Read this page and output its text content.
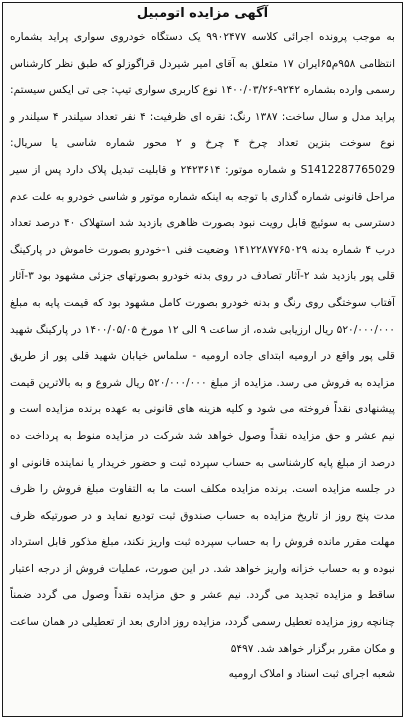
آگهی مزایده اتومبیل

به موجب پرونده اجرائی کلاسه ۹۹۰۲۴۷۷ یک دستگاه خودروی سواری پراید بشماره انتظامی ۹۵۸م۶۵ایران ۱۷ متعلق به آقای امیر شیردل قراگوزلو که طبق نظر کارشناس رسمی وارده بشماره ۹۲۴۲-۱۴۰۰/۰۳/۲۶ نوع کاربری سواری تیپ: جی تی ایکس سیستم: پراید مدل و سال ساخت: ۱۳۸۷ رنگ: نقره ای ظرفیت: ۴ نفر تعداد سیلندر ۴ سیلندر و نوع سوخت بنزین تعداد چرخ ۴ چرخ و ۲ محور شماره شاسی یا سریال: S1412287765029 و شماره موتور: ۲۴۲۳۶۱۴ و قابلیت تبدیل پلاک دارد پس از سیر مراحل قانونی شماره گذاری با توجه به اینکه شماره موتور و شاسی خودرو به علت عدم دسترسی به سوئیچ قابل رویت نبود بصورت ظاهری بازدید شد استهلاک ۴۰ درصد تعداد درب ۴ شماره بدنه ۱۴۱۲۲۸۷۷۶۵۰۲۹ وضعیت فنی ۱-خودرو بصورت خاموش در پارکینگ قلی پور بازدید شد ۲-آثار تصادف در روی بدنه خودرو بصورتهای جزئی مشهود بود ۳-آثار آفتاب سوختگی روی رنگ و بدنه خودرو بصورت کامل مشهود بود که قیمت پایه به مبلغ ۵۲۰/۰۰۰/۰۰۰ ریال ارزیابی شده، از ساعت ۹ الی ۱۲ مورخ ۱۴۰۰/۰۵/۰۵ در پارکینگ شهید قلی پور واقع در ارومیه ابتدای جاده ارومیه - سلماس خیابان شهید قلی پور از طریق مزایده به فروش می رسد. مزایده از مبلغ ۵۲۰/۰۰۰/۰۰۰ ریال شروع و به بالاترین قیمت پیشنهادی نقداً فروخته می شود و کلیه هزینه های قانونی به عهده برنده مزایده است و نیم عشر و حق مزایده نقداً وصول خواهد شد شرکت در مزایده منوط به پرداخت ده درصد از مبلغ پایه کارشناسی به حساب سپرده ثبت و حضور خریدار یا نماینده قانونی او در جلسه مزایده است. برنده مزایده مکلف است ما به التفاوت مبلغ فروش را ظرف مدت پنج روز از تاریخ مزایده به حساب صندوق ثبت تودیع نماید و در صورتیکه ظرف مهلت مقرر مانده فروش را به حساب سپرده ثبت واریز نکند، مبلغ مذکور قابل استرداد نبوده و به حساب خزانه واریز خواهد شد. در این صورت، عملیات فروش از درجه اعتبار ساقط و مزایده تجدید می گردد. نیم عشر و حق مزایده نقداً وصول می گردد ضمناً چنانچه روز مزایده تعطیل رسمی گردد، مزایده روز اداری بعد از تعطیلی در همان ساعت و مکان مقرر برگزار خواهد شد. ۵۴۹۷

شعبه اجرای ثبت اسناد و املاک ارومیه
